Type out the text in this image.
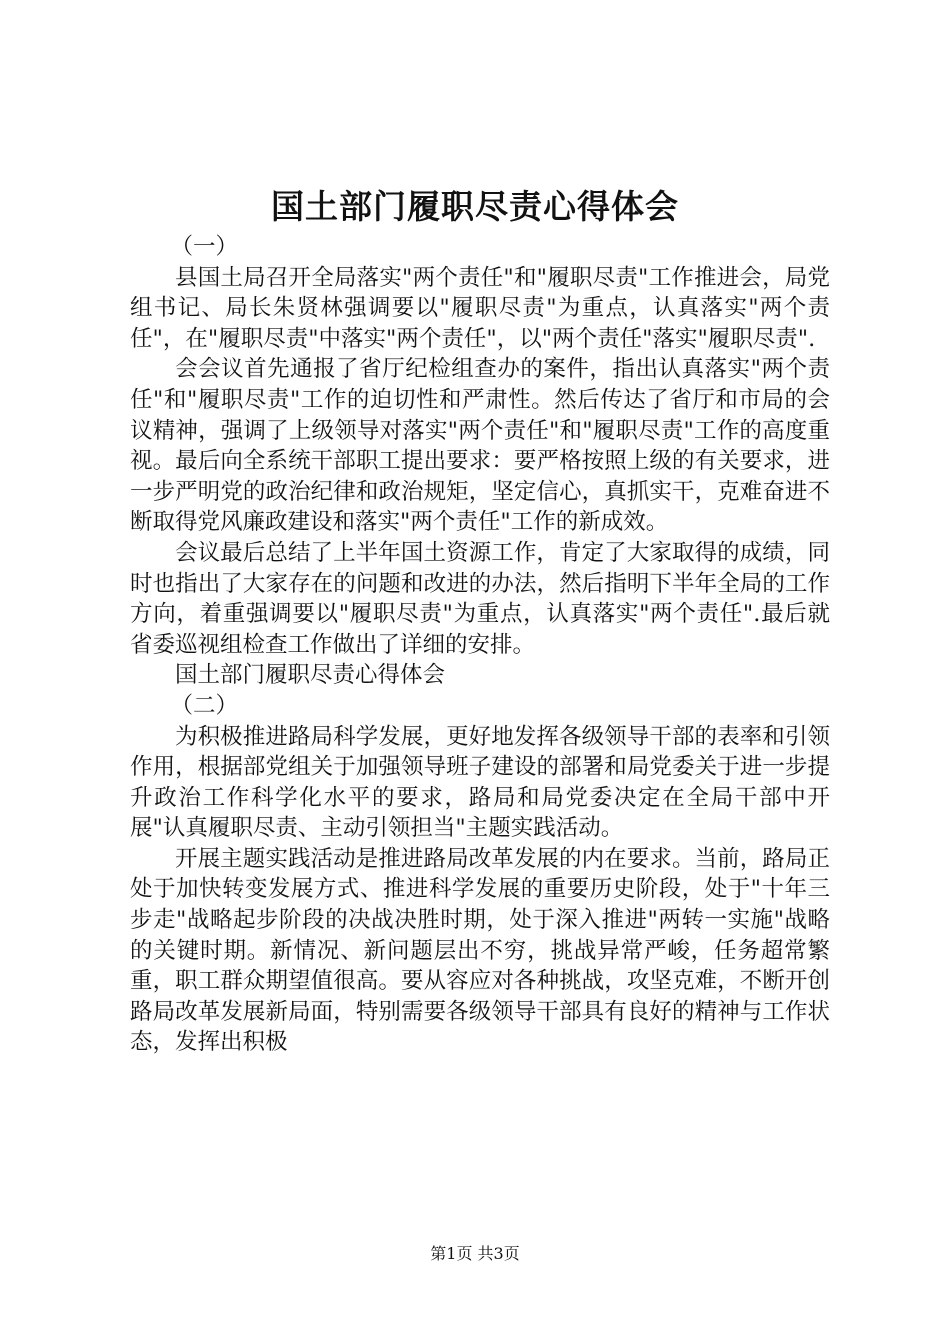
国土部门履职尽责心得体会

（一）

县国土局召开全局落实"两个责任"和"履职尽责"工作推进会，局党组书记、局长朱贤林强调要以"履职尽责"为重点，认真落实"两个责任"，在"履职尽责"中落实"两个责任"，以"两个责任"落实"履职尽责".

会会议首先通报了省厅纪检组查办的案件，指出认真落实"两个责任"和"履职尽责"工作的迫切性和严肃性。然后传达了省厅和市局的会议精神，强调了上级领导对落实"两个责任"和"履职尽责"工作的高度重视。最后向全系统干部职工提出要求：要严格按照上级的有关要求，进一步严明党的政治纪律和政治规矩，坚定信心，真抓实干，克难奋进不断取得党风廉政建设和落实"两个责任"工作的新成效。

会议最后总结了上半年国土资源工作，肯定了大家取得的成绩，同时也指出了大家存在的问题和改进的办法，然后指明下半年全局的工作方向，着重强调要以"履职尽责"为重点，认真落实"两个责任".最后就省委巡视组检查工作做出了详细的安排。

国土部门履职尽责心得体会

（二）

为积极推进路局科学发展，更好地发挥各级领导干部的表率和引领作用，根据部党组关于加强领导班子建设的部署和局党委关于进一步提升政治工作科学化水平的要求，路局和局党委决定在全局干部中开展"认真履职尽责、主动引领担当"主题实践活动。

开展主题实践活动是推进路局改革发展的内在要求。当前，路局正处于加快转变发展方式、推进科学发展的重要历史阶段，处于"十年三步走"战略起步阶段的决战决胜时期，处于深入推进"两转一实施"战略的关键时期。新情况、新问题层出不穷，挑战异常严峻，任务超常繁重，职工群众期望值很高。要从容应对各种挑战，攻坚克难，不断开创路局改革发展新局面，特别需要各级领导干部具有良好的精神与工作状态，发挥出积极

第1页 共3页
